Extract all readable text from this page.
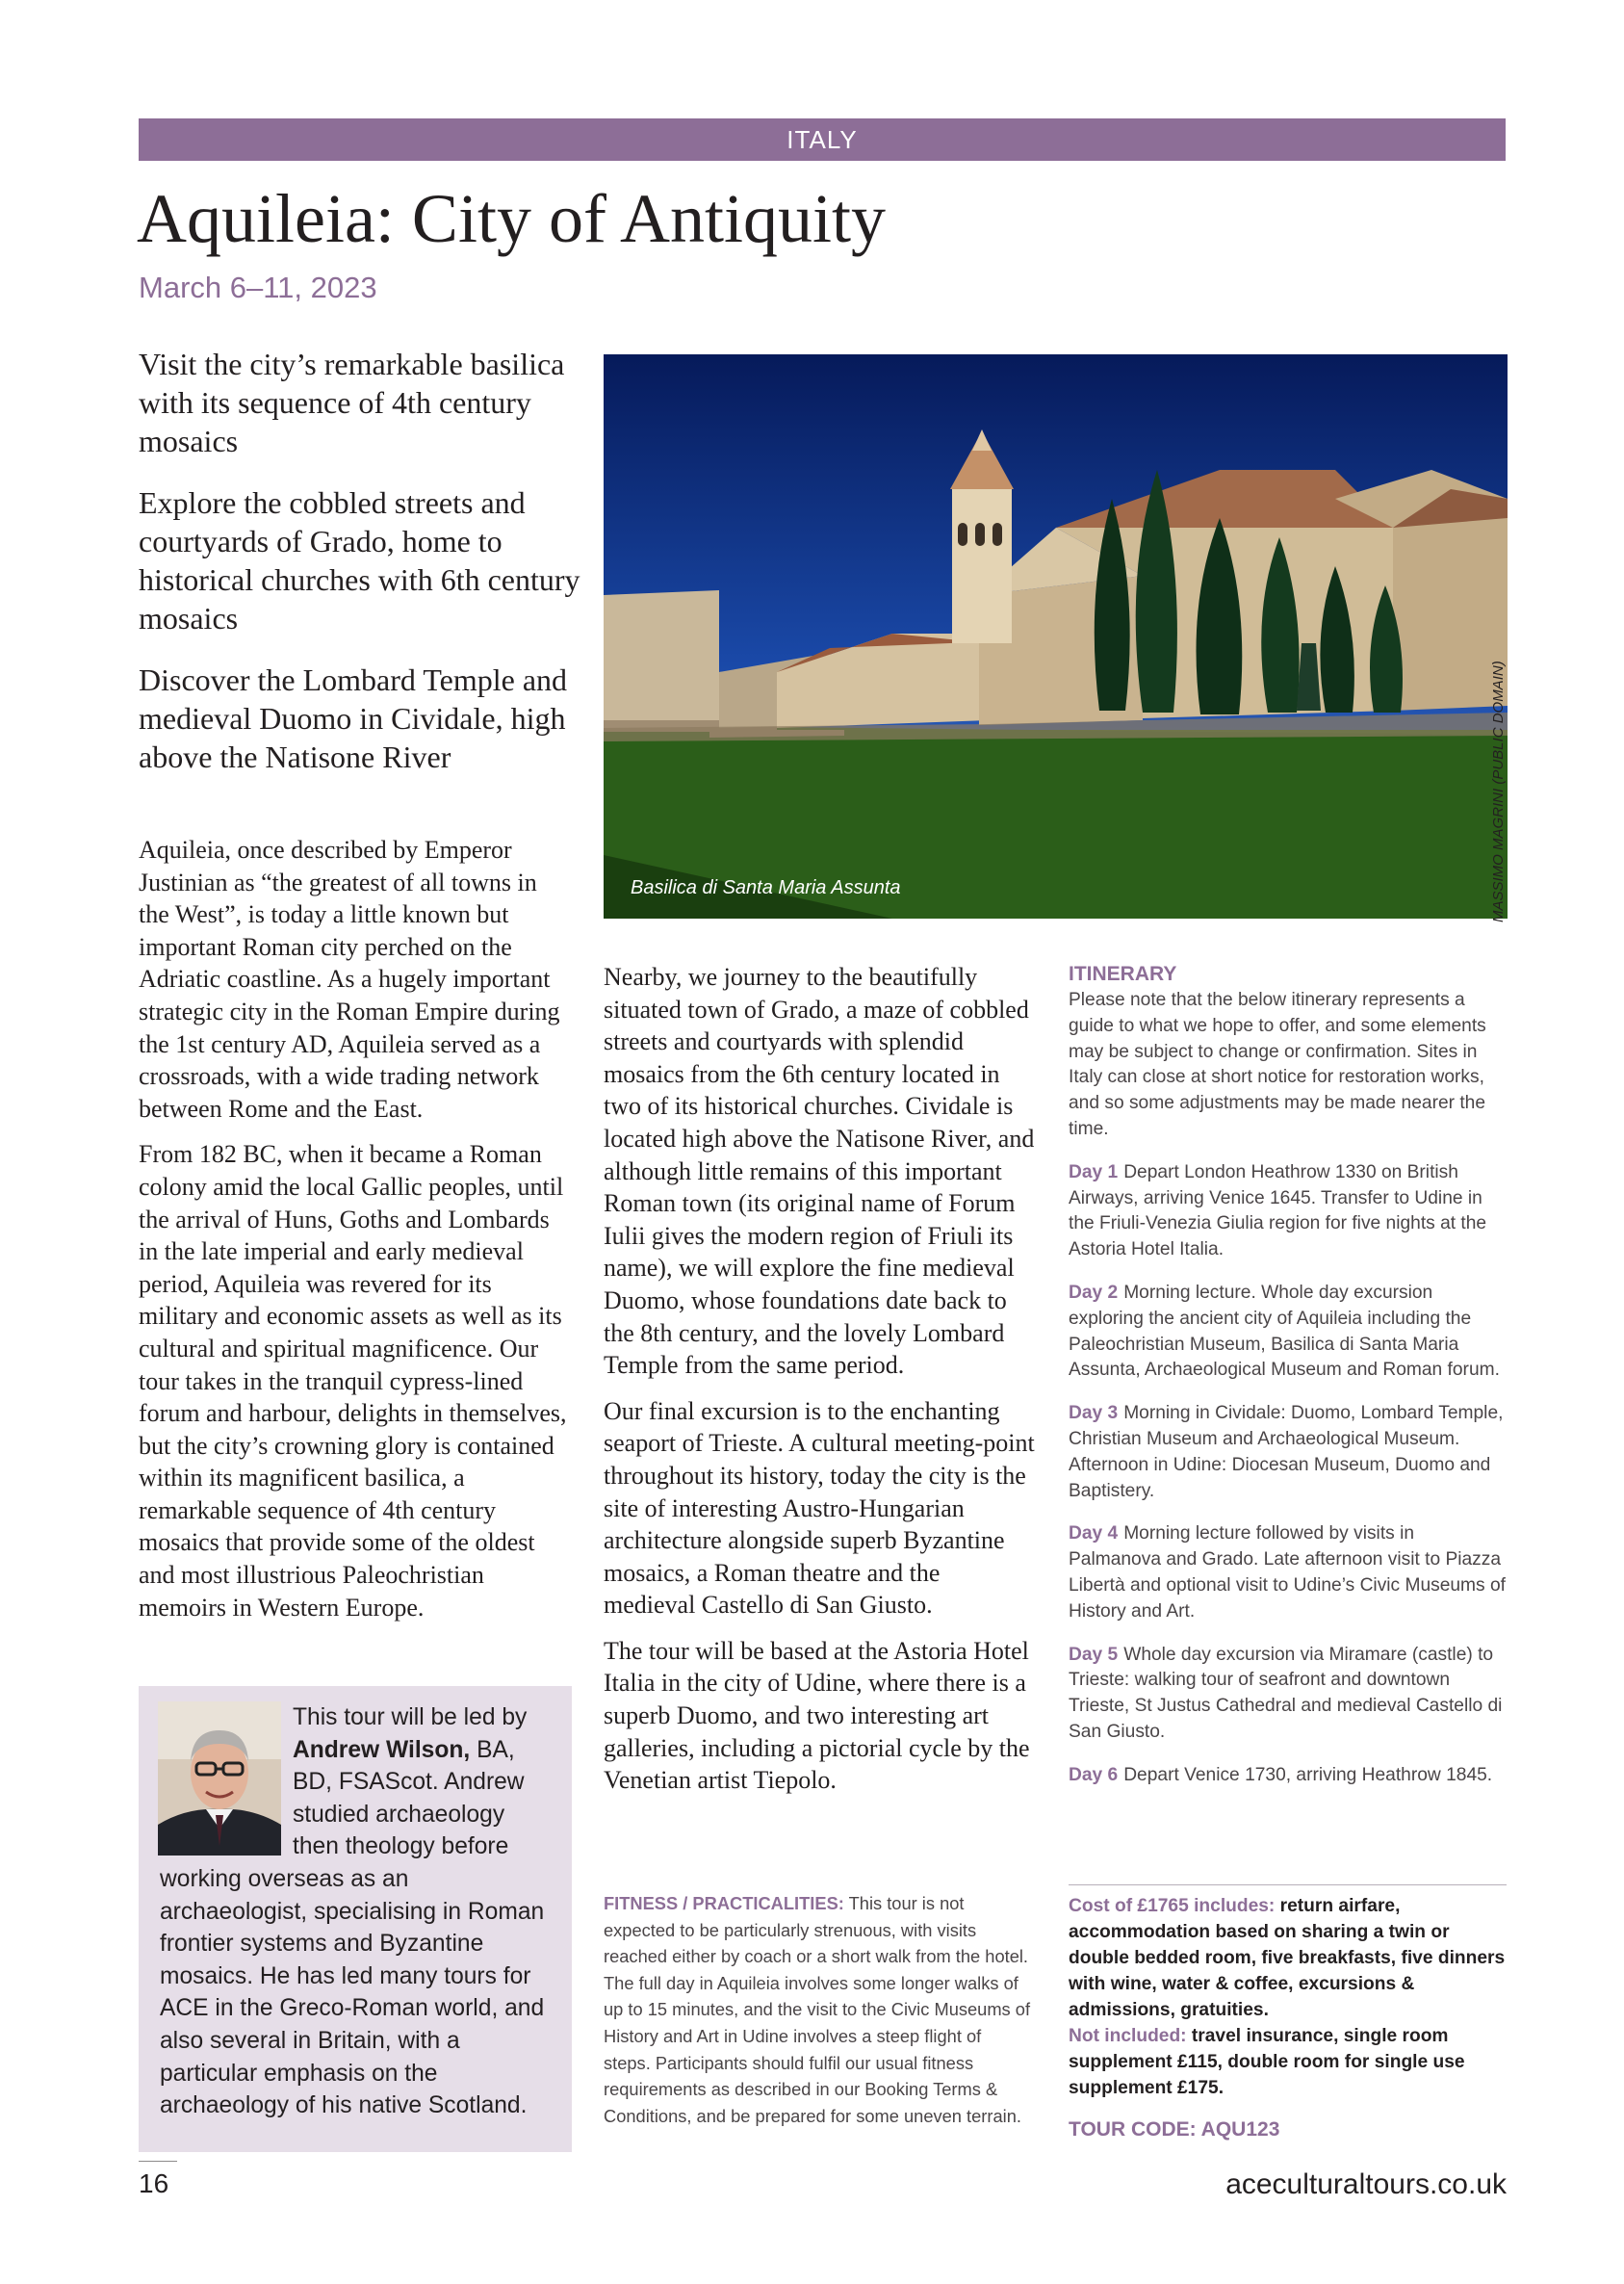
ITALY
Aquileia: City of Antiquity
March 6–11, 2023

Visit the city’s remarkable basilica with its sequence of 4th century mosaics

Explore the cobbled streets and courtyards of Grado, home to historical churches with 6th century mosaics

Discover the Lombard Temple and medieval Duomo in Cividale, high above the Natisone River

Aquileia, once described by Emperor Justinian as “the greatest of all towns in the West”, is today a little known but important Roman city perched on the Adriatic coastline. As a hugely important strategic city in the Roman Empire during the 1st century AD, Aquileia served as a crossroads, with a wide trading network between Rome and the East.

From 182 BC, when it became a Roman colony amid the local Gallic peoples, until the arrival of Huns, Goths and Lombards in the late imperial and early medieval period, Aquileia was revered for its military and economic assets as well as its cultural and spiritual magnificence. Our tour takes in the tranquil cypress-lined forum and harbour, delights in themselves, but the city’s crowning glory is contained within its magnificent basilica, a remarkable sequence of 4th century mosaics that provide some of the oldest and most illustrious Paleochristian memoirs in Western Europe.

This tour will be led by Andrew Wilson, BA, BD, FSAScot. Andrew studied archaeology then theology before working overseas as an archaeologist, specialising in Roman frontier systems and Byzantine mosaics. He has led many tours for ACE in the Greco-Roman world, and also several in Britain, with a particular emphasis on the archaeology of his native Scotland.
Basilica di Santa Maria Assunta	MASSIMO MAGRINI (PUBLIC DOMAIN)

Nearby, we journey to the beautifully situated town of Grado, a maze of cobbled streets and courtyards with splendid mosaics from the 6th century located in two of its historical churches. Cividale is located high above the Natisone River, and although little remains of this important Roman town (its original name of Forum Iulii gives the modern region of Friuli its name), we will explore the fine medieval Duomo, whose foundations date back to the 8th century, and the lovely Lombard Temple from the same period.

Our final excursion is to the enchanting seaport of Trieste. A cultural meeting-point throughout its history, today the city is the site of interesting Austro-Hungarian architecture alongside superb Byzantine mosaics, a Roman theatre and the medieval Castello di San Giusto.

The tour will be based at the Astoria Hotel Italia in the city of Udine, where there is a superb Duomo, and two interesting art galleries, including a pictorial cycle by the Venetian artist Tiepolo.

FITNESS / PRACTICALITIES: This tour is not expected to be particularly strenuous, with visits reached either by coach or a short walk from the hotel. The full day in Aquileia involves some longer walks of up to 15 minutes, and the visit to the Civic Museums of History and Art in Udine involves a steep flight of steps. Participants should fulfil our usual fitness requirements as described in our Booking Terms & Conditions, and be prepared for some uneven terrain.
ITINERARY
Please note that the below itinerary represents a guide to what we hope to offer, and some elements may be subject to change or confirmation. Sites in Italy can close at short notice for restoration works, and so some adjustments may be made nearer the time.
Day 1 Depart London Heathrow 1330 on British Airways, arriving Venice 1645. Transfer to Udine in the Friuli-Venezia Giulia region for five nights at the Astoria Hotel Italia.
Day 2 Morning lecture. Whole day excursion exploring the ancient city of Aquileia including the Paleochristian Museum, Basilica di Santa Maria Assunta, Archaeological Museum and Roman forum.
Day 3 Morning in Cividale: Duomo, Lombard Temple, Christian Museum and Archaeological Museum. Afternoon in Udine: Diocesan Museum, Duomo and Baptistery.
Day 4 Morning lecture followed by visits in Palmanova and Grado. Late afternoon visit to Piazza Libertà and optional visit to Udine’s Civic Museums of History and Art.
Day 5 Whole day excursion via Miramare (castle) to Trieste: walking tour of seafront and downtown Trieste, St Justus Cathedral and medieval Castello di San Giusto.
Day 6 Depart Venice 1730, arriving Heathrow 1845.
Cost of £1765 includes: return airfare, accommodation based on sharing a twin or double bedded room, five breakfasts, five dinners with wine, water & coffee, excursions & admissions, gratuities.
Not included: travel insurance, single room supplement £115, double room for single use supplement £175.
TOUR CODE: AQU123
16	aceculturaltours.co.uk
